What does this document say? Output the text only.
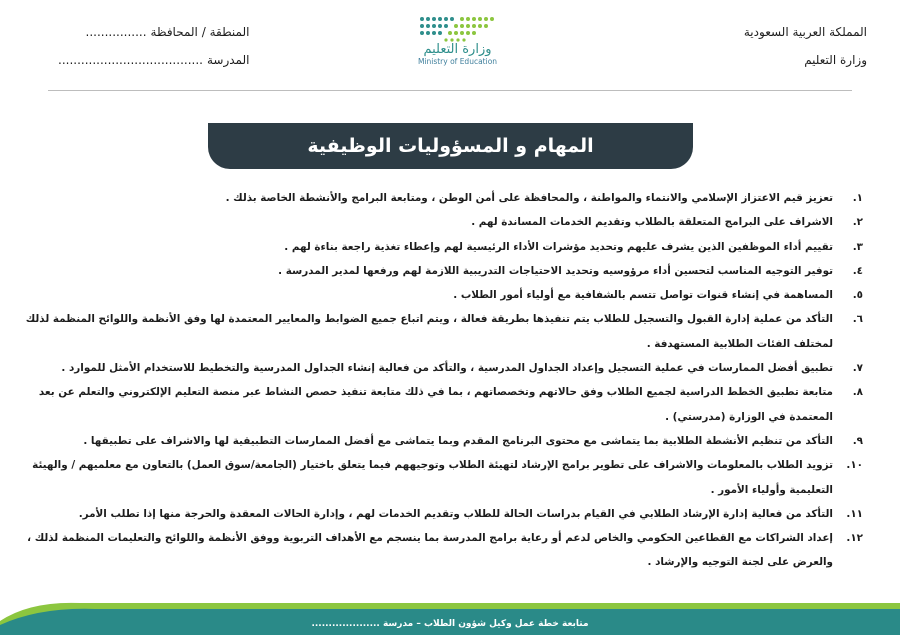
المملكة العربية السعودية
وزارة التعليم
وزارة التعليم
Ministry of Education
المنطقة / المحافظة
................
المدرسة
......................................
المهام و المسؤوليات الوظيفية
١.
تعزيز قيم الاعتزاز الإسلامي والانتماء والمواطنة ، والمحافظة على أمن الوطن ، ومتابعة البرامج والأنشطة الخاصة بذلك .
٢.
الاشراف على البرامج المتعلقة بالطلاب وتقديم الخدمات المساندة لهم .
٣.
تقييم أداء الموظفين الذين يشرف عليهم وتحديد مؤشرات الأداء الرئيسية لهم وإعطاء تغذية راجعة بناءة لهم .
٤.
توفير التوجيه المناسب لتحسين أداء مرؤوسيه وتحديد الاحتياجات التدريبية اللازمة لهم ورفعها لمدير المدرسة .
٥.
المساهمة في إنشاء قنوات تواصل تتسم بالشفافية مع أولياء أمور الطلاب .
٦.
التأكد من عملية إدارة القبول والتسجيل للطلاب يتم تنفيذها بطريقة فعالة ، ويتم اتباع جميع الضوابط والمعايير المعتمدة لها وفق الأنظمة واللوائح المنظمة لذلك لمختلف الفئات الطلابية المستهدفة .
٧.
تطبيق أفضل الممارسات في عملية التسجيل وإعداد الجداول المدرسية ، والتأكد من فعالية إنشاء الجداول المدرسية والتخطيط للاستخدام الأمثل للموارد .
٨.
متابعة تطبيق الخطط الدراسية لجميع الطلاب وفق حالاتهم وتخصصاتهم ، بما في ذلك متابعة تنفيذ حصص النشاط عبر منصة التعليم الإلكتروني والتعلم عن بعد المعتمدة في الوزارة (مدرستي) .
٩.
التأكد من تنظيم الأنشطة الطلابية بما يتماشى مع محتوى البرنامج المقدم وبما يتماشى مع أفضل الممارسات التطبيقية لها والاشراف على تطبيقها .
١٠.
تزويد الطلاب بالمعلومات والاشراف على تطوير برامج الإرشاد لتهيئة الطلاب وتوجيههم فيما يتعلق باختيار (الجامعة/سوق العمل) بالتعاون مع معلميهم / والهيئة التعليمية وأولياء الأمور .
١١.
التأكد من فعالية إدارة الإرشاد الطلابي في القيام بدراسات الحالة للطلاب وتقديم الخدمات لهم ، وإدارة الحالات المعقدة والحرجة منها إذا تطلب الأمر.
١٢.
إعداد الشراكات مع القطاعين الحكومي والخاص لدعم أو رعاية برامج المدرسة بما ينسجم مع الأهداف التربوية ووفق الأنظمة واللوائح والتعليمات المنظمة لذلك ، والعرض على لجنة التوجيه والإرشاد .
متابعة خطة عمل وكيل شؤون الطلاب – مدرسة ....................
